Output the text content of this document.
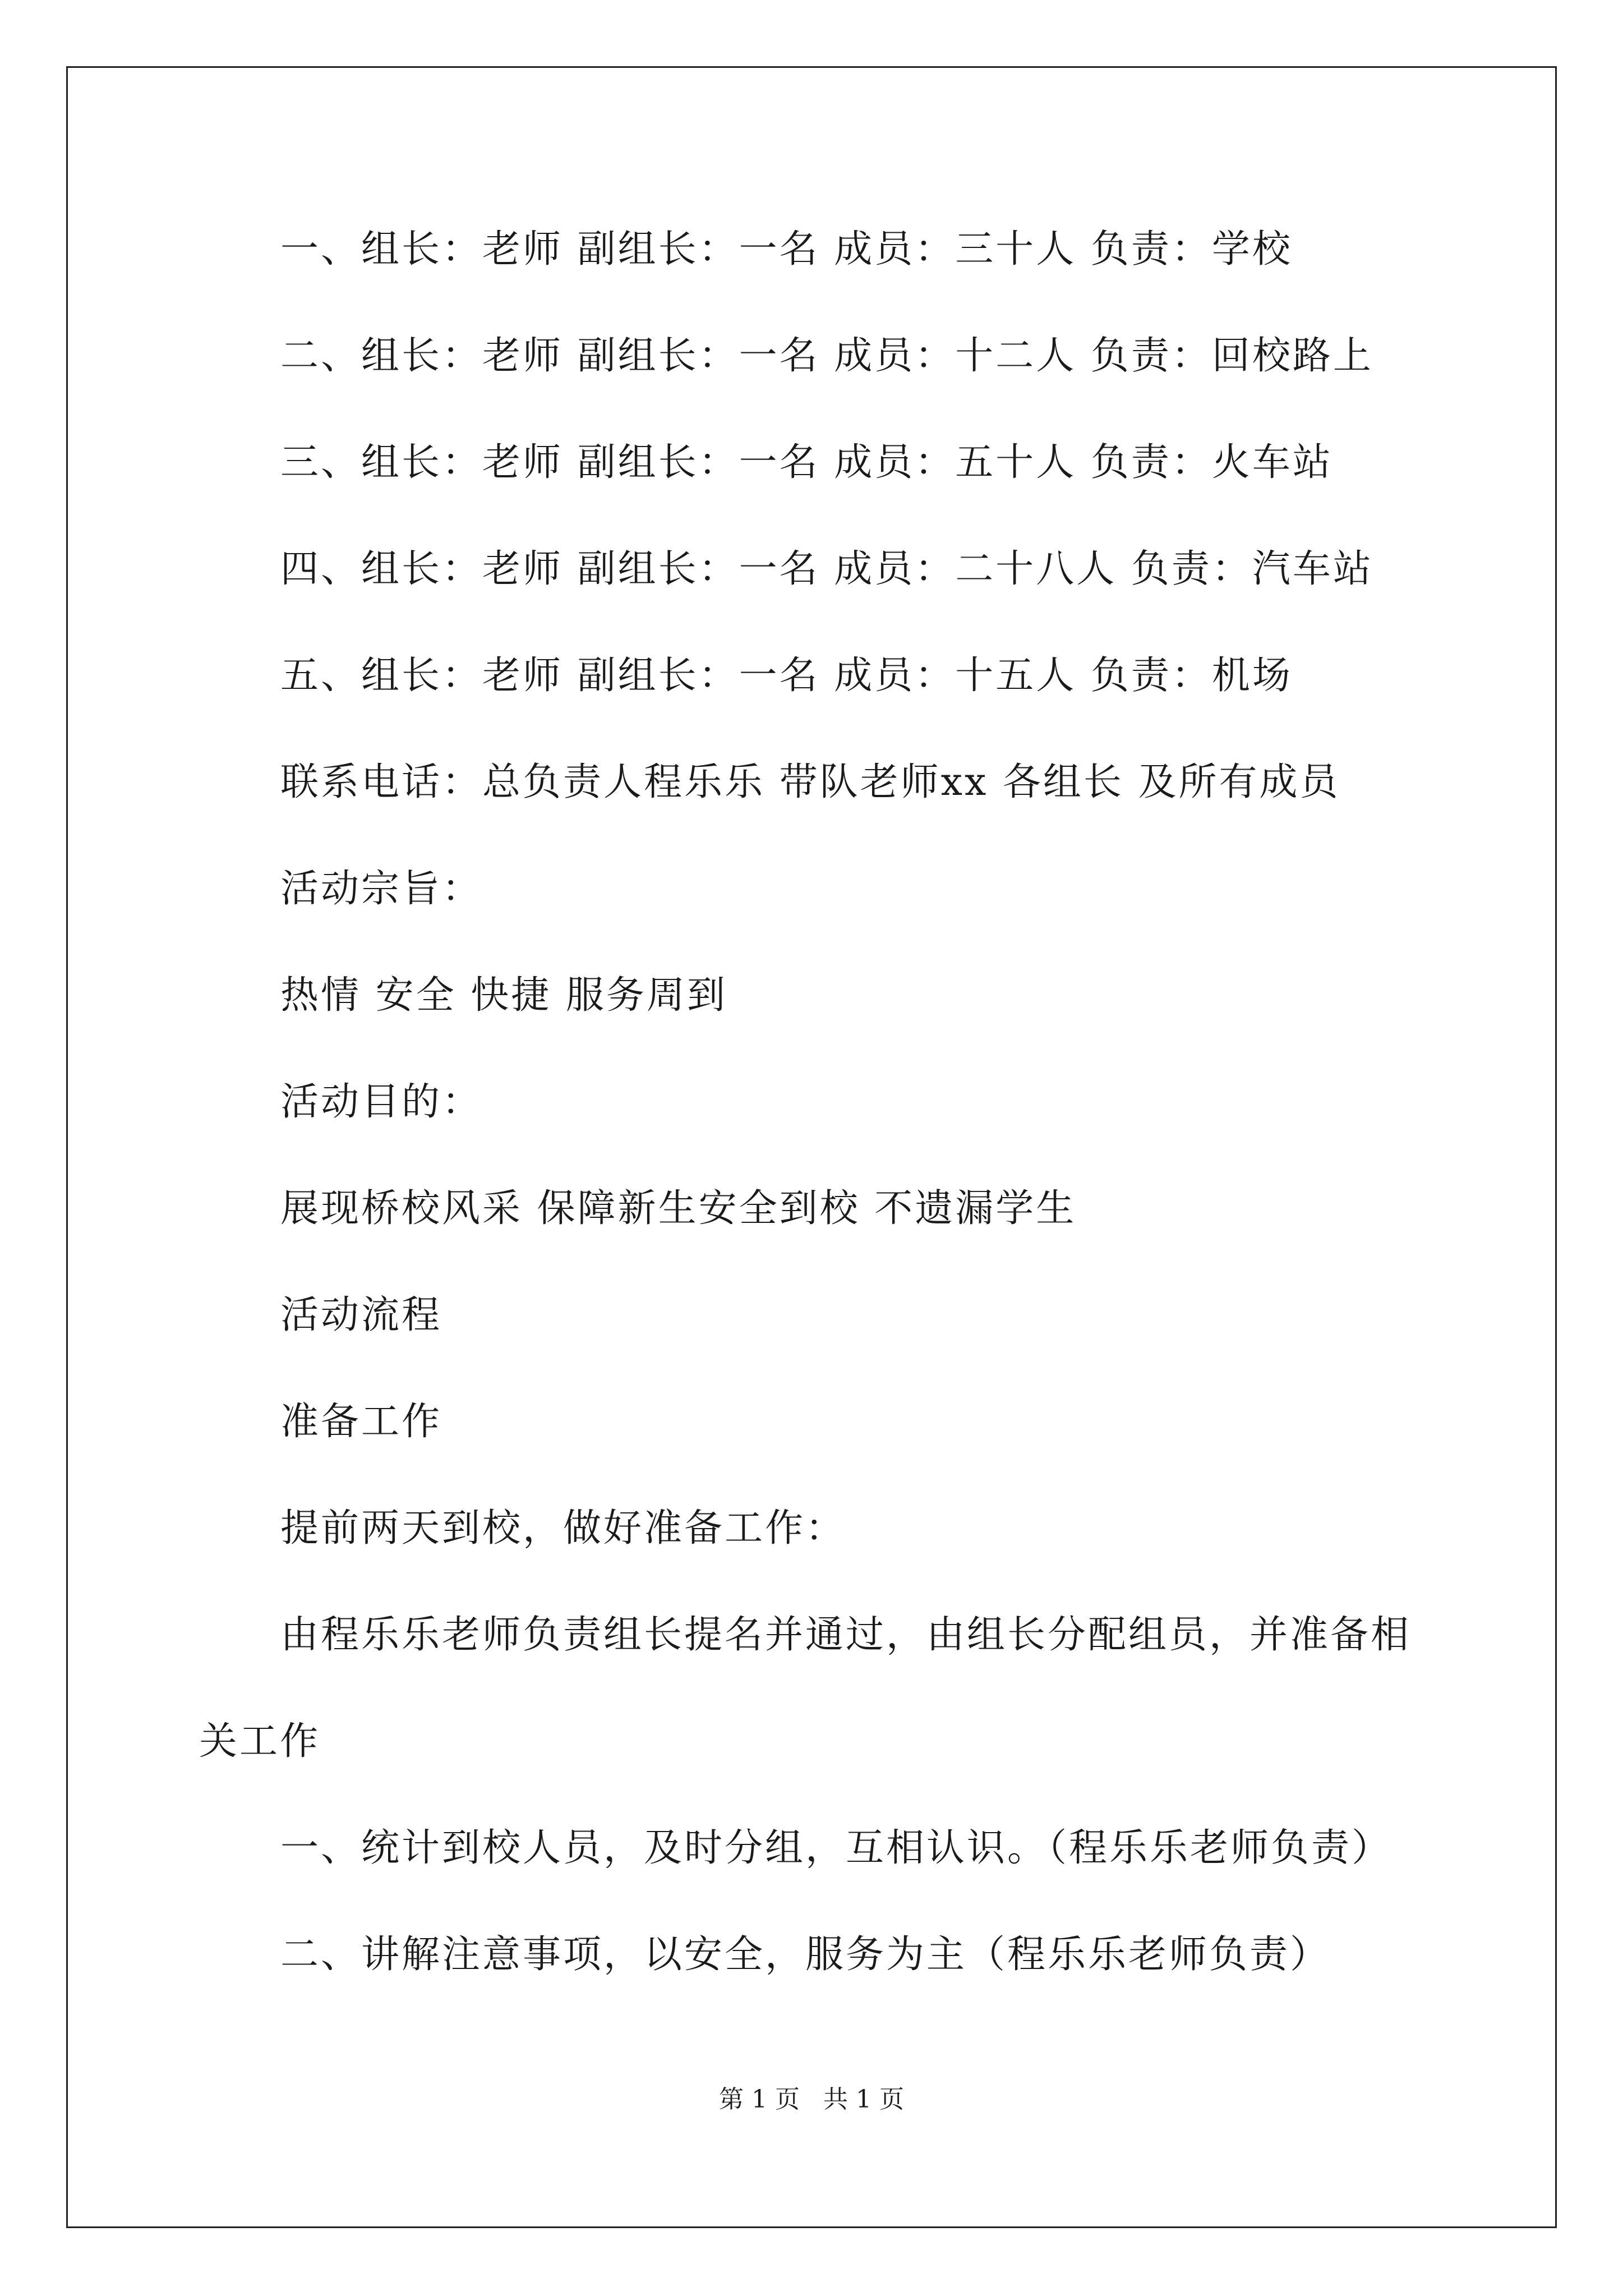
一、组长：老师 副组长：一名 成员：三十人 负责：学校
二、组长：老师 副组长：一名 成员：十二人 负责：回校路上
三、组长：老师 副组长：一名 成员：五十人 负责：火车站
四、组长：老师 副组长：一名 成员：二十八人 负责：汽车站
五、组长：老师 副组长：一名 成员：十五人 负责：机场
联系电话：总负责人程乐乐 带队老师xx 各组长 及所有成员
活动宗旨：
热情 安全 快捷 服务周到
活动目的：
展现桥校风采 保障新生安全到校 不遗漏学生
活动流程
准备工作
提前两天到校，做好准备工作：
由程乐乐老师负责组长提名并通过，由组长分配组员，并准备相
关工作
一、统计到校人员，及时分组，互相认识。（程乐乐老师负责）
二、讲解注意事项，以安全，服务为主（程乐乐老师负责）
第 1 页   共 1 页
